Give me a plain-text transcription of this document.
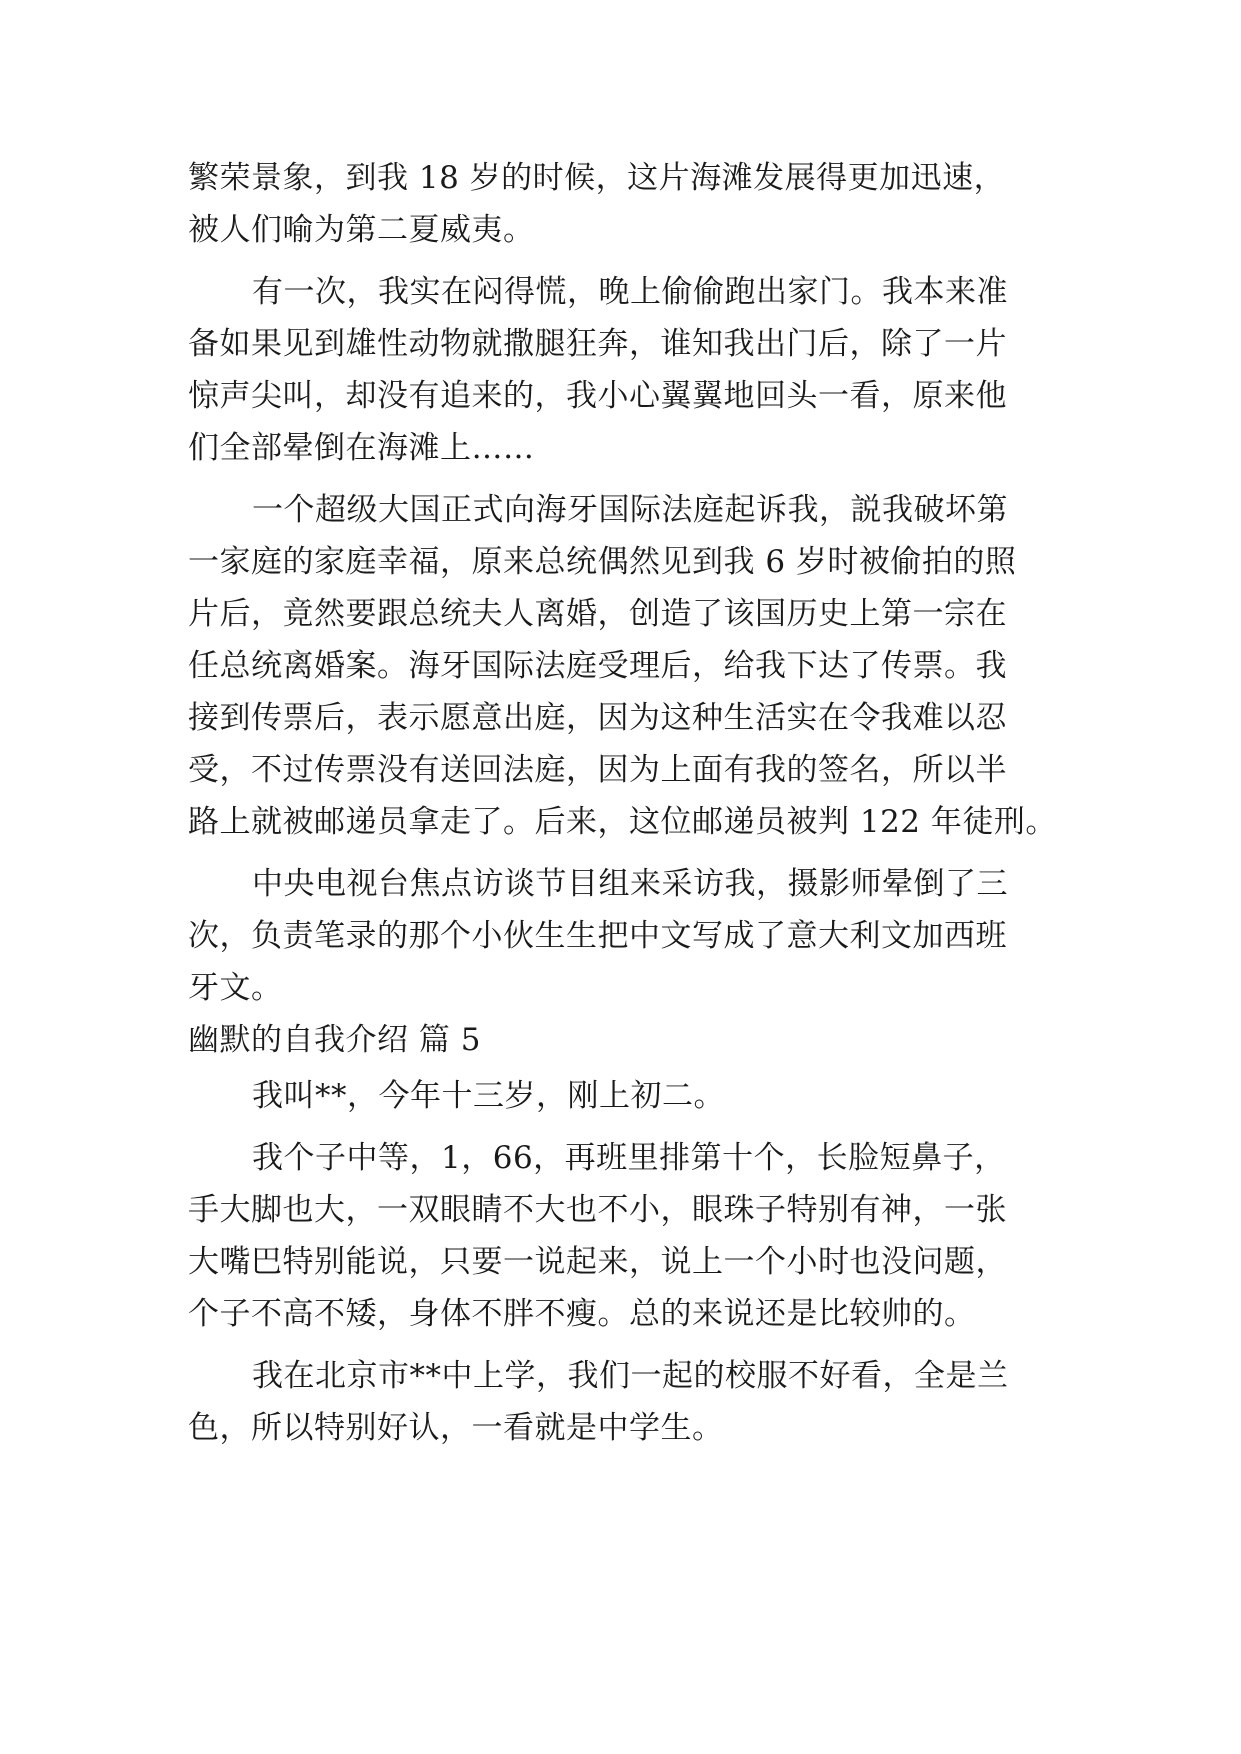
繁荣景象，到我 18 岁的时候，这片海滩发展得更加迅速，
被人们喻为第二夏威夷。
有一次，我实在闷得慌，晚上偷偷跑出家门。我本来准
备如果见到雄性动物就撒腿狂奔，谁知我出门后，除了一片
惊声尖叫，却没有追来的，我小心翼翼地回头一看，原来他
们全部晕倒在海滩上……
一个超级大国正式向海牙国际法庭起诉我，説我破坏第
一家庭的家庭幸福，原来总统偶然见到我 6 岁时被偷拍的照
片后，竟然要跟总统夫人离婚，创造了该国历史上第一宗在
任总统离婚案。海牙国际法庭受理后，给我下达了传票。我
接到传票后，表示愿意出庭，因为这种生活实在令我难以忍
受，不过传票没有送回法庭，因为上面有我的签名，所以半
路上就被邮递员拿走了。后来，这位邮递员被判 122 年徒刑。
中央电视台焦点访谈节目组来采访我，摄影师晕倒了三
次，负责笔录的那个小伙生生把中文写成了意大利文加西班
牙文。
幽默的自我介绍 篇 5
我叫**，今年十三岁，刚上初二。
我个子中等，1，66，再班里排第十个，长脸短鼻子，
手大脚也大，一双眼睛不大也不小，眼珠子特别有神，一张
大嘴巴特别能说，只要一说起来，说上一个小时也没问题，
个子不高不矮，身体不胖不瘦。总的来说还是比较帅的。
我在北京市**中上学，我们一起的校服不好看，全是兰
色，所以特别好认，一看就是中学生。
